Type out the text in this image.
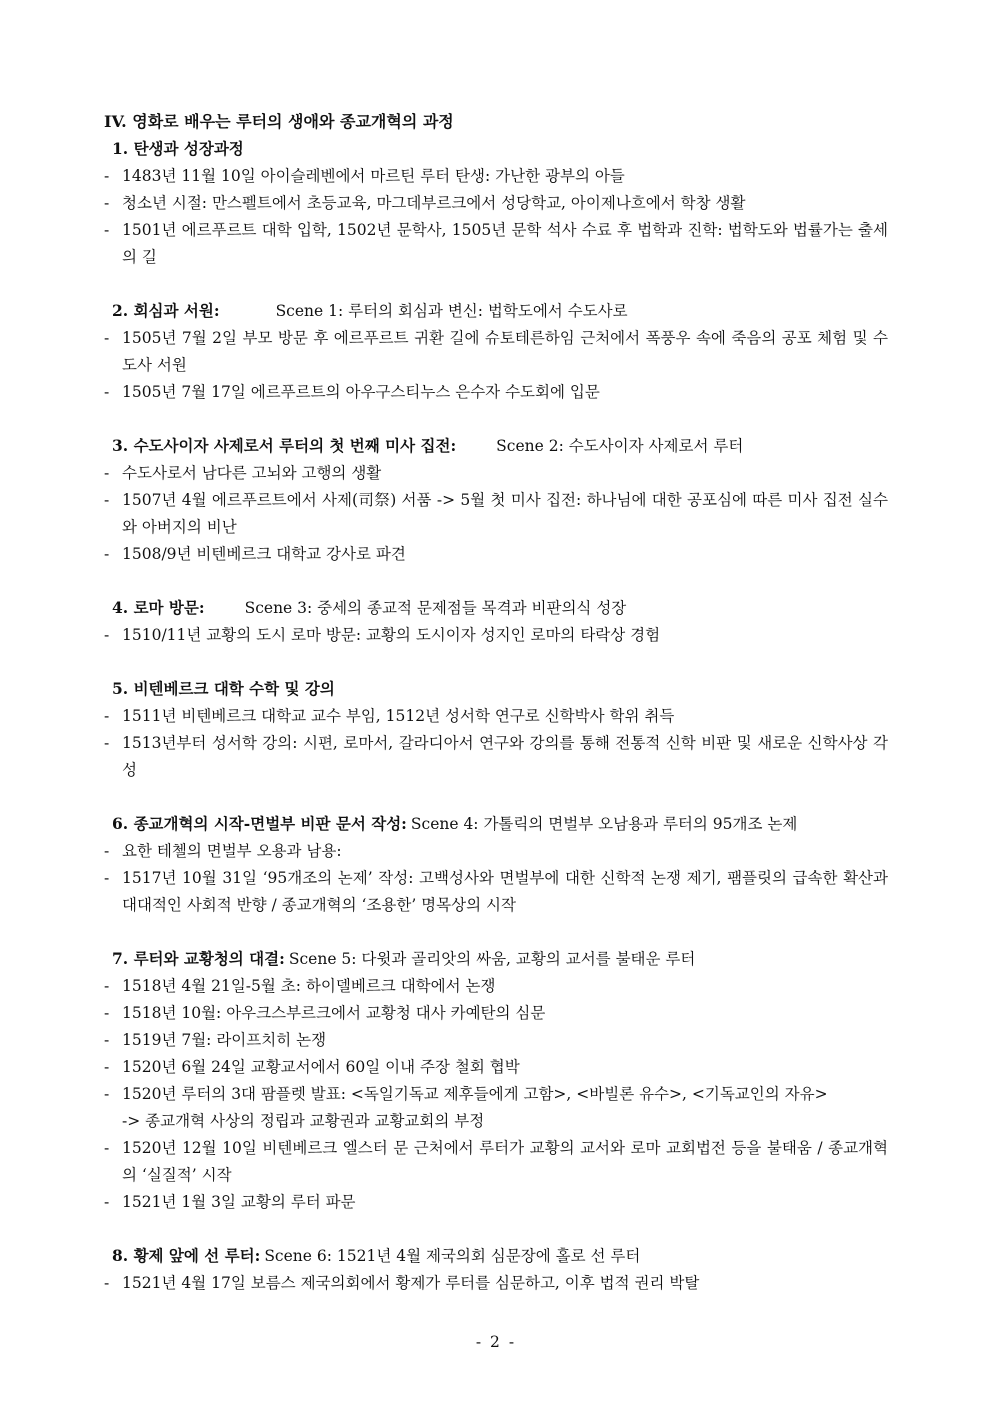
IV. 영화로 배우는 루터의 생애와 종교개혁의 과정

1. 탄생과 성장과정

- 1483년 11월 10일 아이슬레벤에서 마르틴 루터 탄생: 가난한 광부의 아들
- 청소년 시절: 만스펠트에서 초등교육, 마그데부르크에서 성당학교, 아이제나흐에서 학창 생활
- 1501년 에르푸르트 대학 입학, 1502년 문학사, 1505년 문학 석사 수료 후 법학과 진학: 법학도와 법률가는 출세의 길

2. 회심과 서원:	Scene 1: 루터의 회심과 변신: 법학도에서 수도사로

- 1505년 7월 2일 부모 방문 후 에르푸르트 귀환 길에 슈토테른하임 근처에서 폭풍우 속에 죽음의 공포 체험 및 수도사 서원
- 1505년 7월 17일 에르푸르트의 아우구스티누스 은수자 수도회에 입문

3. 수도사이자 사제로서 루터의 첫 번째 미사 집전:	Scene 2: 수도사이자 사제로서 루터

- 수도사로서 남다른 고뇌와 고행의 생활
- 1507년 4월 에르푸르트에서 사제(司祭) 서품 -> 5월 첫 미사 집전: 하나님에 대한 공포심에 따른 미사 집전 실수와 아버지의 비난
- 1508/9년 비텐베르크 대학교 강사로 파견

4. 로마 방문:	Scene 3: 중세의 종교적 문제점들 목격과 비판의식 성장

- 1510/11년 교황의 도시 로마 방문: 교황의 도시이자 성지인 로마의 타락상 경험

5. 비텐베르크 대학 수학 및 강의

- 1511년 비텐베르크 대학교 교수 부임, 1512년 성서학 연구로 신학박사 학위 취득
- 1513년부터 성서학 강의: 시편, 로마서, 갈라디아서 연구와 강의를 통해 전통적 신학 비판 및 새로운 신학사상 각성

6. 종교개혁의 시작-면벌부 비판 문서 작성: Scene 4: 가톨릭의 면벌부 오남용과 루터의 95개조 논제

- 요한 테첼의 면벌부 오용과 남용:
- 1517년 10월 31일 ‘95개조의 논제’ 작성: 고백성사와 면벌부에 대한 신학적 논쟁 제기, 팸플릿의 급속한 확산과 대대적인 사회적 반향 / 종교개혁의 ‘조용한’ 명목상의 시작

7. 루터와 교황청의 대결: Scene 5: 다윗과 골리앗의 싸움, 교황의 교서를 불태운 루터

- 1518년 4월 21일-5월 초: 하이델베르크 대학에서 논쟁
- 1518년 10월: 아우크스부르크에서 교황청 대사 카예탄의 심문
- 1519년 7월: 라이프치히 논쟁
- 1520년 6월 24일 교황교서에서 60일 이내 주장 철회 협박
- 1520년 루터의 3대 팜플렛 발표: <독일기독교 제후들에게 고함>, <바빌론 유수>, <기독교인의 자유>
-> 종교개혁 사상의 정립과 교황권과 교황교회의 부정
- 1520년 12월 10일 비텐베르크 엘스터 문 근처에서 루터가 교황의 교서와 로마 교회법전 등을 불태움 / 종교개혁의 ‘실질적’ 시작
- 1521년 1월 3일 교황의 루터 파문

8. 황제 앞에 선 루터: Scene 6: 1521년 4월 제국의회 심문장에 홀로 선 루터

- 1521년 4월 17일 보름스 제국의회에서 황제가 루터를 심문하고, 이후 법적 권리 박탈
- 2 -
